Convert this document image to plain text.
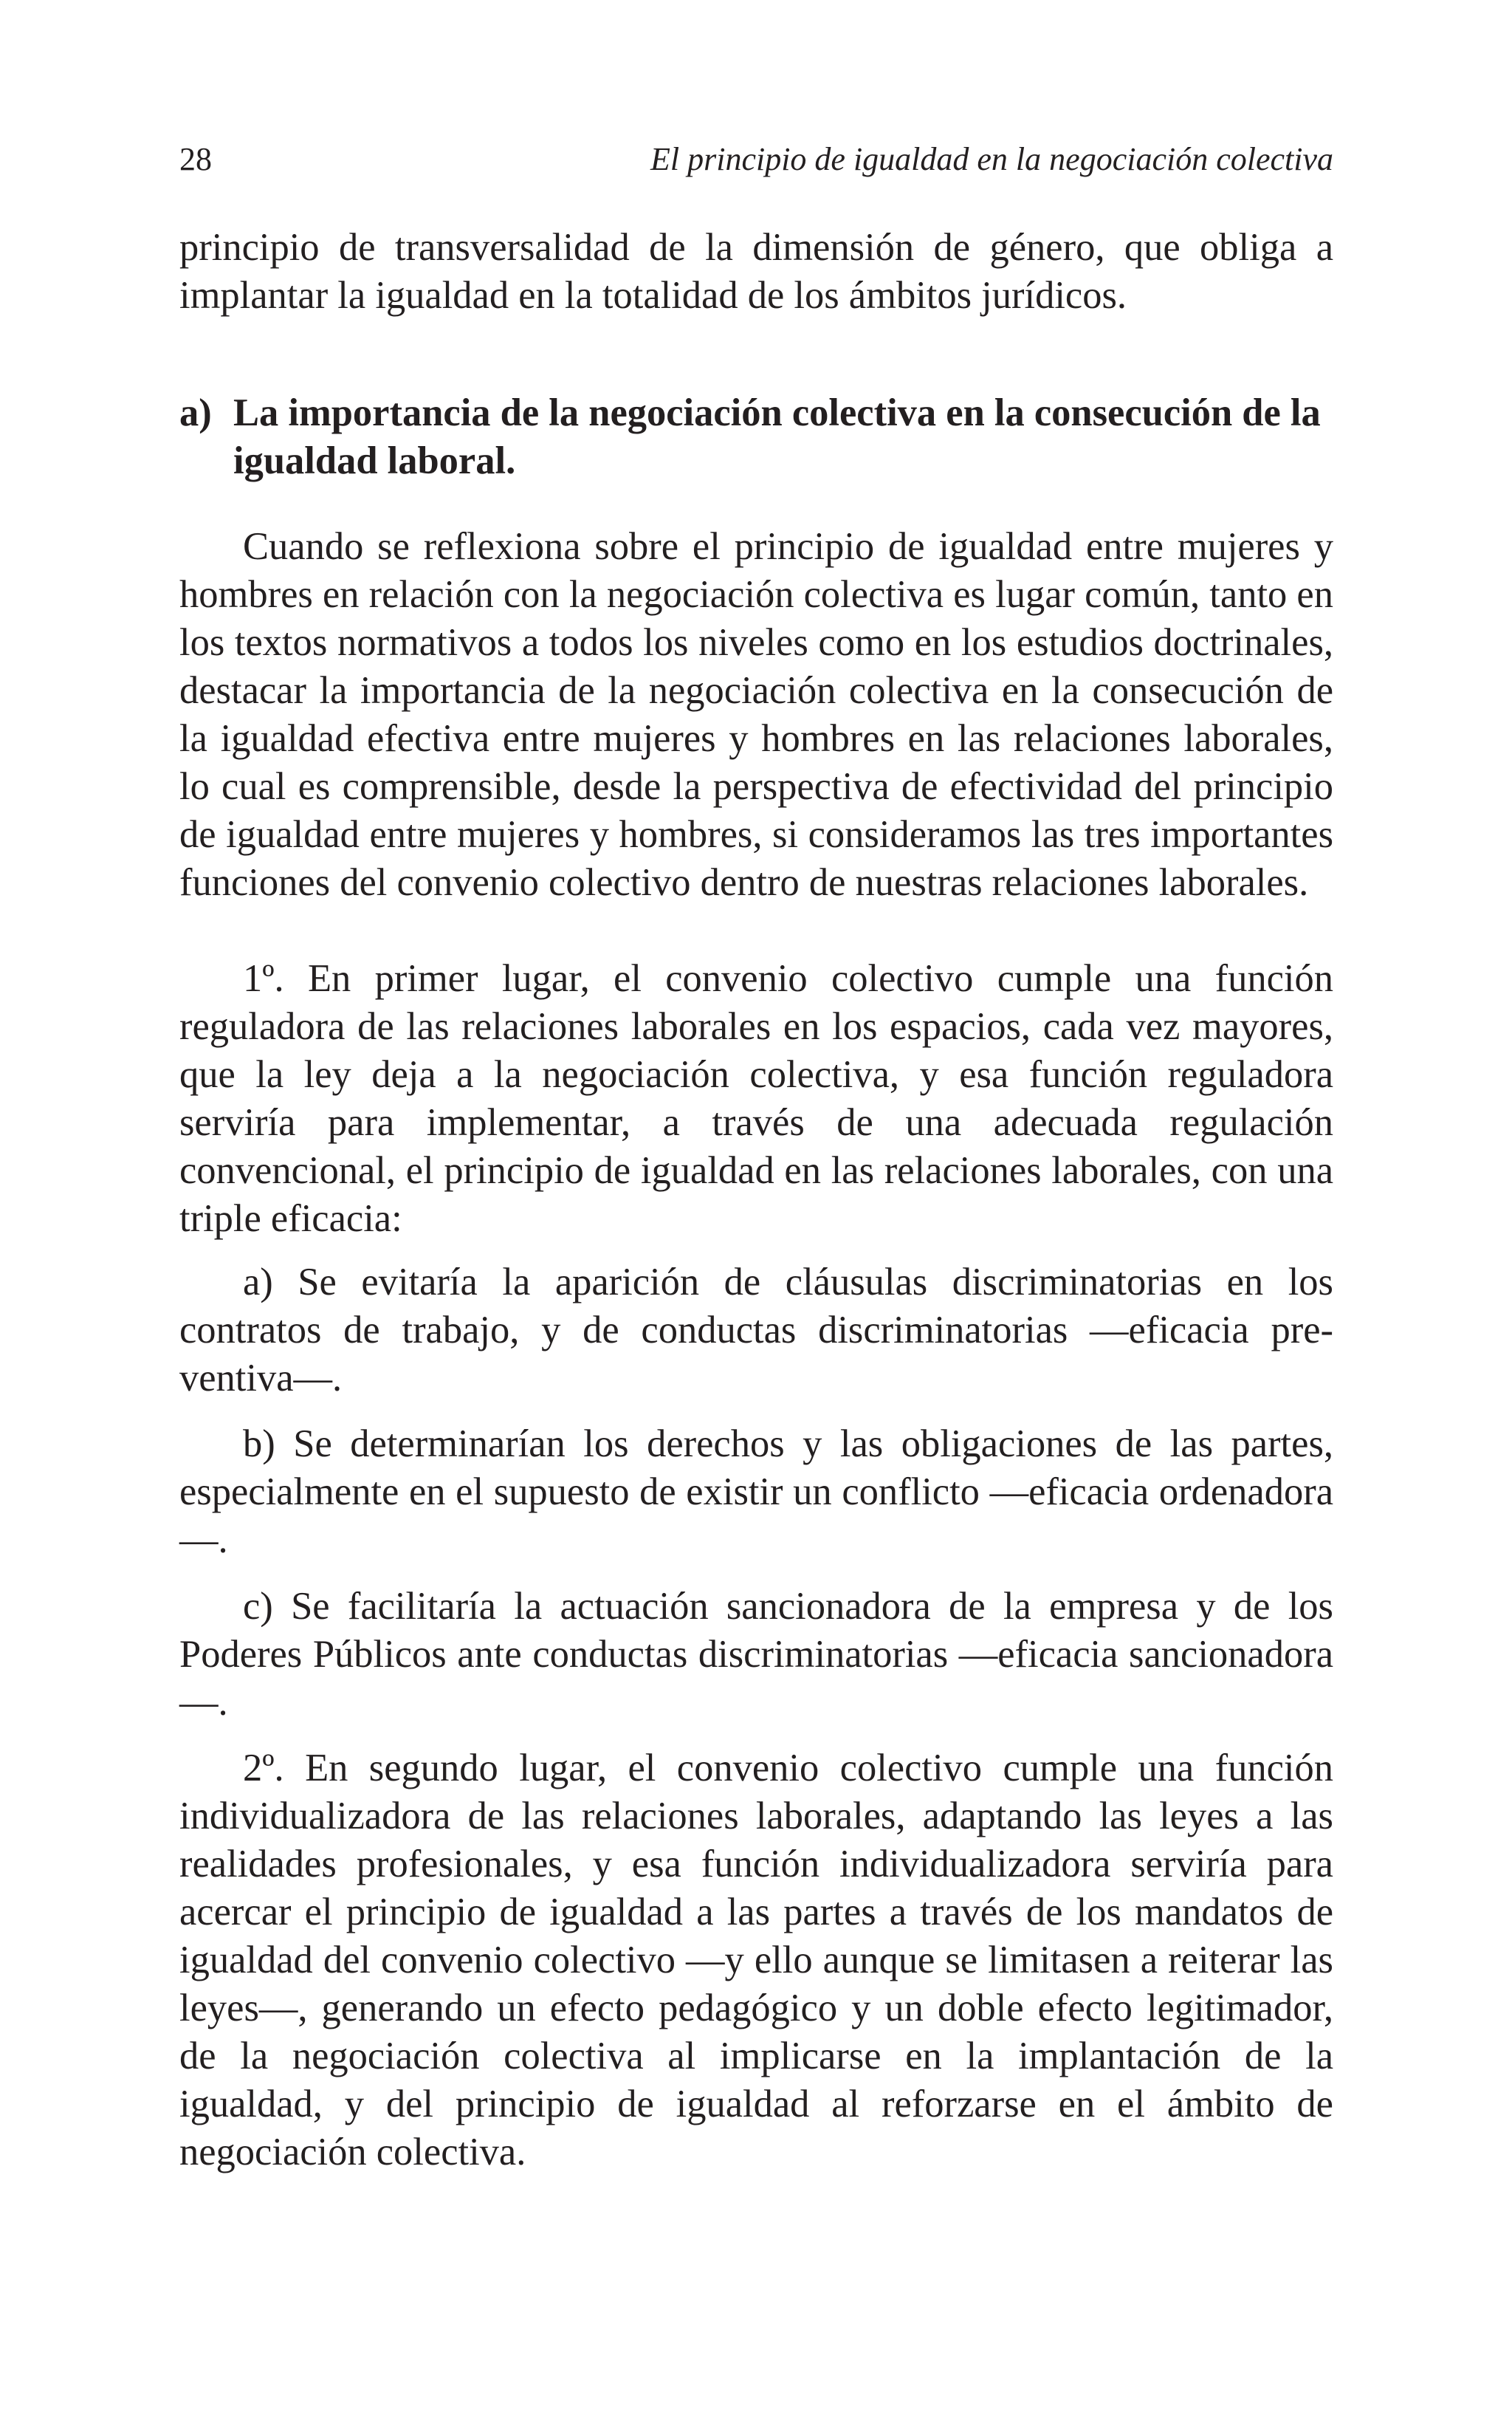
28	El principio de igualdad en la negociación colectiva

principio de transversalidad de la dimensión de género, que obliga a implantar la igualdad en la totalidad de los ámbitos jurídicos.

a) La importancia de la negociación colectiva en la consecución de la igualdad laboral.

Cuando se reflexiona sobre el principio de igualdad entre mujeres y hombres en relación con la negociación colectiva es lugar común, tanto en los textos normativos a todos los niveles como en los estudios doctrinales, destacar la importancia de la negociación colectiva en la consecución de la igualdad efectiva entre mujeres y hombres en las relaciones laborales, lo cual es comprensible, desde la perspectiva de efectividad del principio de igualdad entre mujeres y hombres, si consideramos las tres importantes funciones del convenio colectivo dentro de nuestras relaciones laborales.

1º. En primer lugar, el convenio colectivo cumple una función reguladora de las relaciones laborales en los espacios, cada vez mayores, que la ley deja a la negociación colectiva, y esa función reguladora serviría para implementar, a través de una adecuada regulación convencional, el principio de igualdad en las relaciones laborales, con una triple eficacia:

a) Se evitaría la aparición de cláusulas discriminatorias en los contratos de trabajo, y de conductas discriminatorias —eficacia preventiva—.

b) Se determinarían los derechos y las obligaciones de las partes, especialmente en el supuesto de existir un conflicto —eficacia ordenadora—.

c) Se facilitaría la actuación sancionadora de la empresa y de los Poderes Públicos ante conductas discriminatorias —eficacia sancionadora—.

2º. En segundo lugar, el convenio colectivo cumple una función individualizadora de las relaciones laborales, adaptando las leyes a las realidades profesionales, y esa función individualizadora serviría para acercar el principio de igualdad a las partes a través de los mandatos de igualdad del convenio colectivo —y ello aunque se limitasen a reiterar las leyes—, generando un efecto pedagógico y un doble efecto legitimador, de la negociación colectiva al implicarse en la implantación de la igualdad, y del principio de igualdad al reforzarse en el ámbito de negociación colectiva.
